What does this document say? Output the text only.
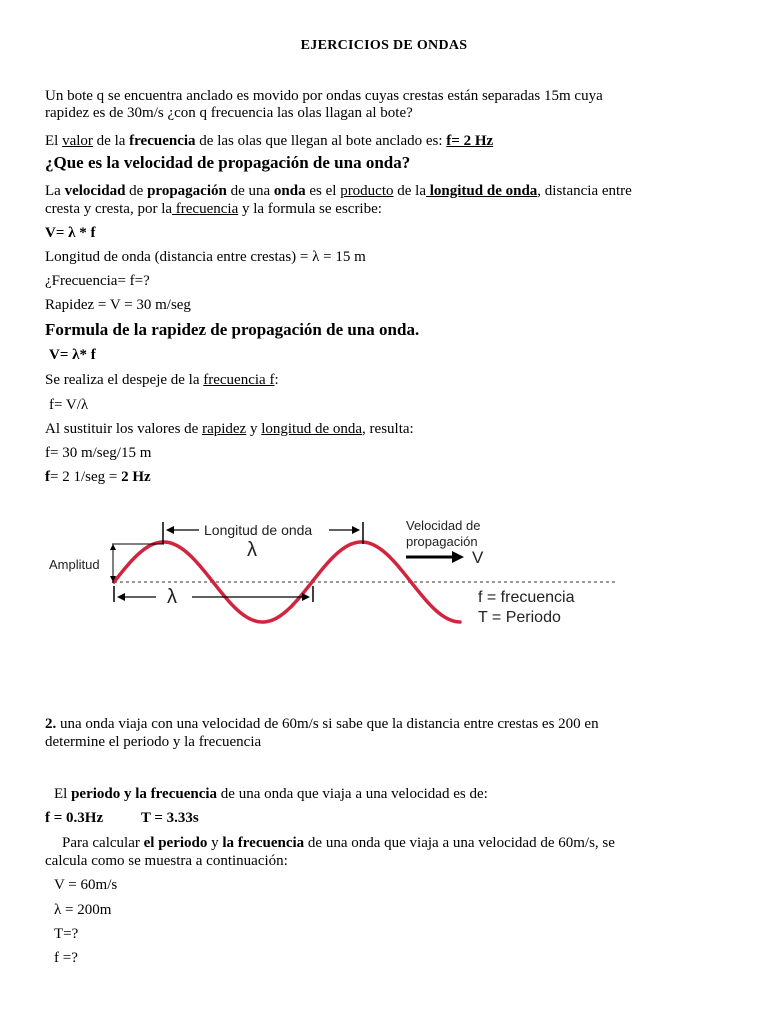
EJERCICIOS DE ONDAS
Un bote q se encuentra anclado es movido por ondas cuyas crestas están separadas 15m cuya
rapidez es de 30m/s ¿con q frecuencia las olas llagan al bote?
El valor de la frecuencia de las olas que llegan al bote anclado es: f= 2 Hz
¿Que es la velocidad de propagación de una onda?
La velocidad de propagación de una onda es el producto de la longitud de onda, distancia entre
cresta y cresta, por la frecuencia y la formula se escribe:
V= λ * f
Longitud de onda (distancia entre crestas) = λ = 15 m
¿Frecuencia= f=?
Rapidez = V = 30 m/seg
Formula de la rapidez de propagación de una onda.
V= λ* f
Se realiza el despeje de la frecuencia f:
f= V/λ
Al sustituir los valores de rapidez y longitud de onda, resulta:
f= 30 m/seg/15 m
f= 2 1/seg = 2 Hz
Longitud de onda
λ
Amplitud
λ
Velocidad de
propagación
V
f = frecuencia
T = Periodo
2. una onda viaja con una velocidad de 60m/s si sabe que la distancia entre crestas es 200 en
determine el periodo y la frecuencia
El periodo y la frecuencia de una onda que viaja a una velocidad es de:
f = 0.3Hz	T = 3.33s
Para calcular el periodo y la frecuencia de una onda que viaja a una velocidad de 60m/s, se
calcula como se muestra a continuación:
V = 60m/s
λ = 200m
T=?
f =?
